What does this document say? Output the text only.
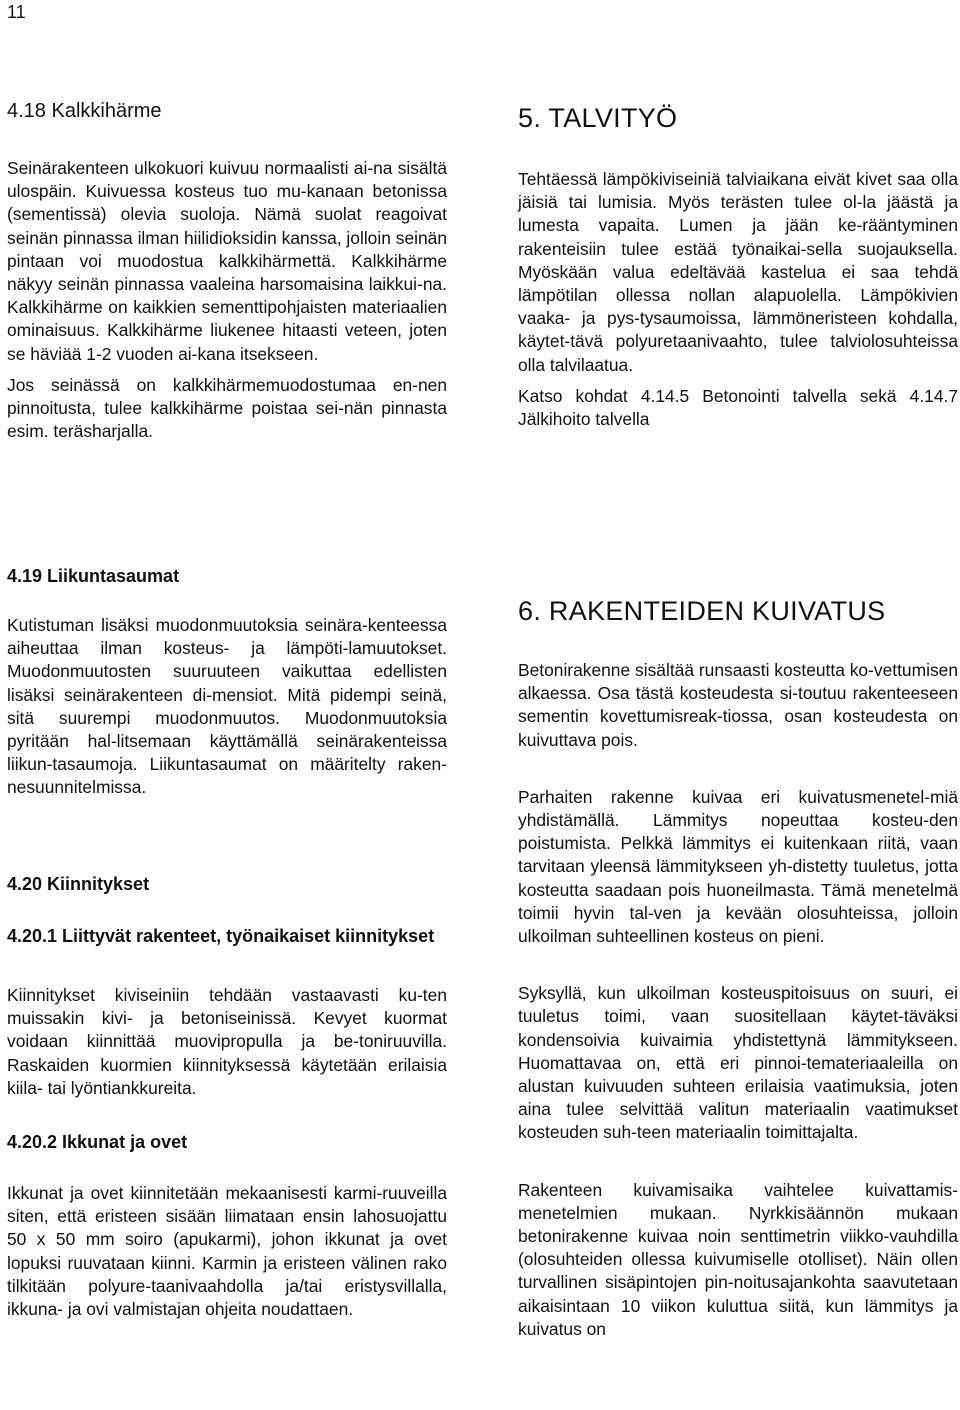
11
4.18 Kalkkihärme

Seinärakenteen ulkokuori kuivuu normaalisti ai-na sisältä ulospäin. Kuivuessa kosteus tuo mu-kanaan betonissa (sementissä) olevia suoloja. Nämä suolat reagoivat seinän pinnassa ilman hiilidioksidin kanssa, jolloin seinän pintaan voi muodostua kalkkihärmettä. Kalkkihärme näkyy seinän pinnassa vaaleina harsomaisina laikkui-na. Kalkkihärme on kaikkien sementtipohjaisten materiaalien ominaisuus. Kalkkihärme liukenee hitaasti veteen, joten se häviää 1-2 vuoden ai-kana itsekseen.

Jos seinässä on kalkkihärmemuodostumaa en-nen pinnoitusta, tulee kalkkihärme poistaa sei-nän pinnasta esim. teräsharjalla.

4.19 Liikuntasaumat

Kutistuman lisäksi muodonmuutoksia seinära-kenteessa aiheuttaa ilman kosteus- ja lämpöti-lamuutokset. Muodonmuutosten suuruuteen vaikuttaa edellisten lisäksi seinärakenteen di-mensiot. Mitä pidempi seinä, sitä suurempi muodonmuutos. Muodonmuutoksia pyritään hal-litsemaan käyttämällä seinärakenteissa liikun-tasaumoja. Liikuntasaumat on määritelty raken-nesuunnitelmissa.

4.20 Kiinnitykset
4.20.1 Liittyvät rakenteet, työnaikaiset kiinnitykset

Kiinnitykset kiviseiniin tehdään vastaavasti ku-ten muissakin kivi- ja betoniseinissä. Kevyet kuormat voidaan kiinnittää muovipropulla ja be-toniruuvilla. Raskaiden kuormien kiinnityksessä käytetään erilaisia kiila- tai lyöntiankkureita.

4.20.2 Ikkunat ja ovet

Ikkunat ja ovet kiinnitetään mekaanisesti karmi-ruuveilla siten, että eristeen sisään liimataan ensin lahosuojattu 50 x 50 mm soiro (apukarmi), johon ikkunat ja ovet lopuksi ruuvataan kiinni. Karmin ja eristeen välinen rako tilkitään polyure-taanivaahdolla ja/tai eristysvillalla, ikkuna- ja ovi valmistajan ohjeita noudattaen.

5. TALVITYÖ

Tehtäessä lämpökiviseiniä talviaikana eivät kivet saa olla jäisiä tai lumisia. Myös terästen tulee ol-la jäästä ja lumesta vapaita. Lumen ja jään ke-rääntyminen rakenteisiin tulee estää työnaikai-sella suojauksella. Myöskään valua edeltävää kastelua ei saa tehdä lämpötilan ollessa nollan alapuolella. Lämpökivien vaaka- ja pys-tysaumoissa, lämmöneristeen kohdalla, käytet-tävä polyuretaanivaahto, tulee talviolosuhteissa olla talvilaatua.

Katso kohdat 4.14.5 Betonointi talvella sekä 4.14.7 Jälkihoito talvella

6. RAKENTEIDEN KUIVATUS

Betonirakenne sisältää runsaasti kosteutta ko-vettumisen alkaessa. Osa tästä kosteudesta si-toutuu rakenteeseen sementin kovettumisreak-tiossa, osan kosteudesta on kuivuttava pois.

Parhaiten rakenne kuivaa eri kuivatusmenetel-miä yhdistämällä. Lämmitys nopeuttaa kosteu-den poistumista. Pelkkä lämmitys ei kuitenkaan riitä, vaan tarvitaan yleensä lämmitykseen yh-distetty tuuletus, jotta kosteutta saadaan pois huoneilmasta. Tämä menetelmä toimii hyvin tal-ven ja kevään olosuhteissa, jolloin ulkoilman suhteellinen kosteus on pieni.

Syksyllä, kun ulkoilman kosteuspitoisuus on suuri, ei tuuletus toimi, vaan suositellaan käytet-täväksi kondensoivia kuivaimia yhdistettynä lämmitykseen. Huomattavaa on, että eri pinnoi-temateriaaleilla on alustan kuivuuden suhteen erilaisia vaatimuksia, joten aina tulee selvittää valitun materiaalin vaatimukset kosteuden suh-teen materiaalin toimittajalta.

Rakenteen kuivamisaika vaihtelee kuivattamis-menetelmien mukaan. Nyrkkisäännön mukaan betonirakenne kuivaa noin senttimetrin viikko-vauhdilla (olosuhteiden ollessa kuivumiselle otolliset). Näin ollen turvallinen sisäpintojen pin-noitusajankohta saavutetaan aikaisintaan 10 viikon kuluttua siitä, kun lämmitys ja kuivatus on
